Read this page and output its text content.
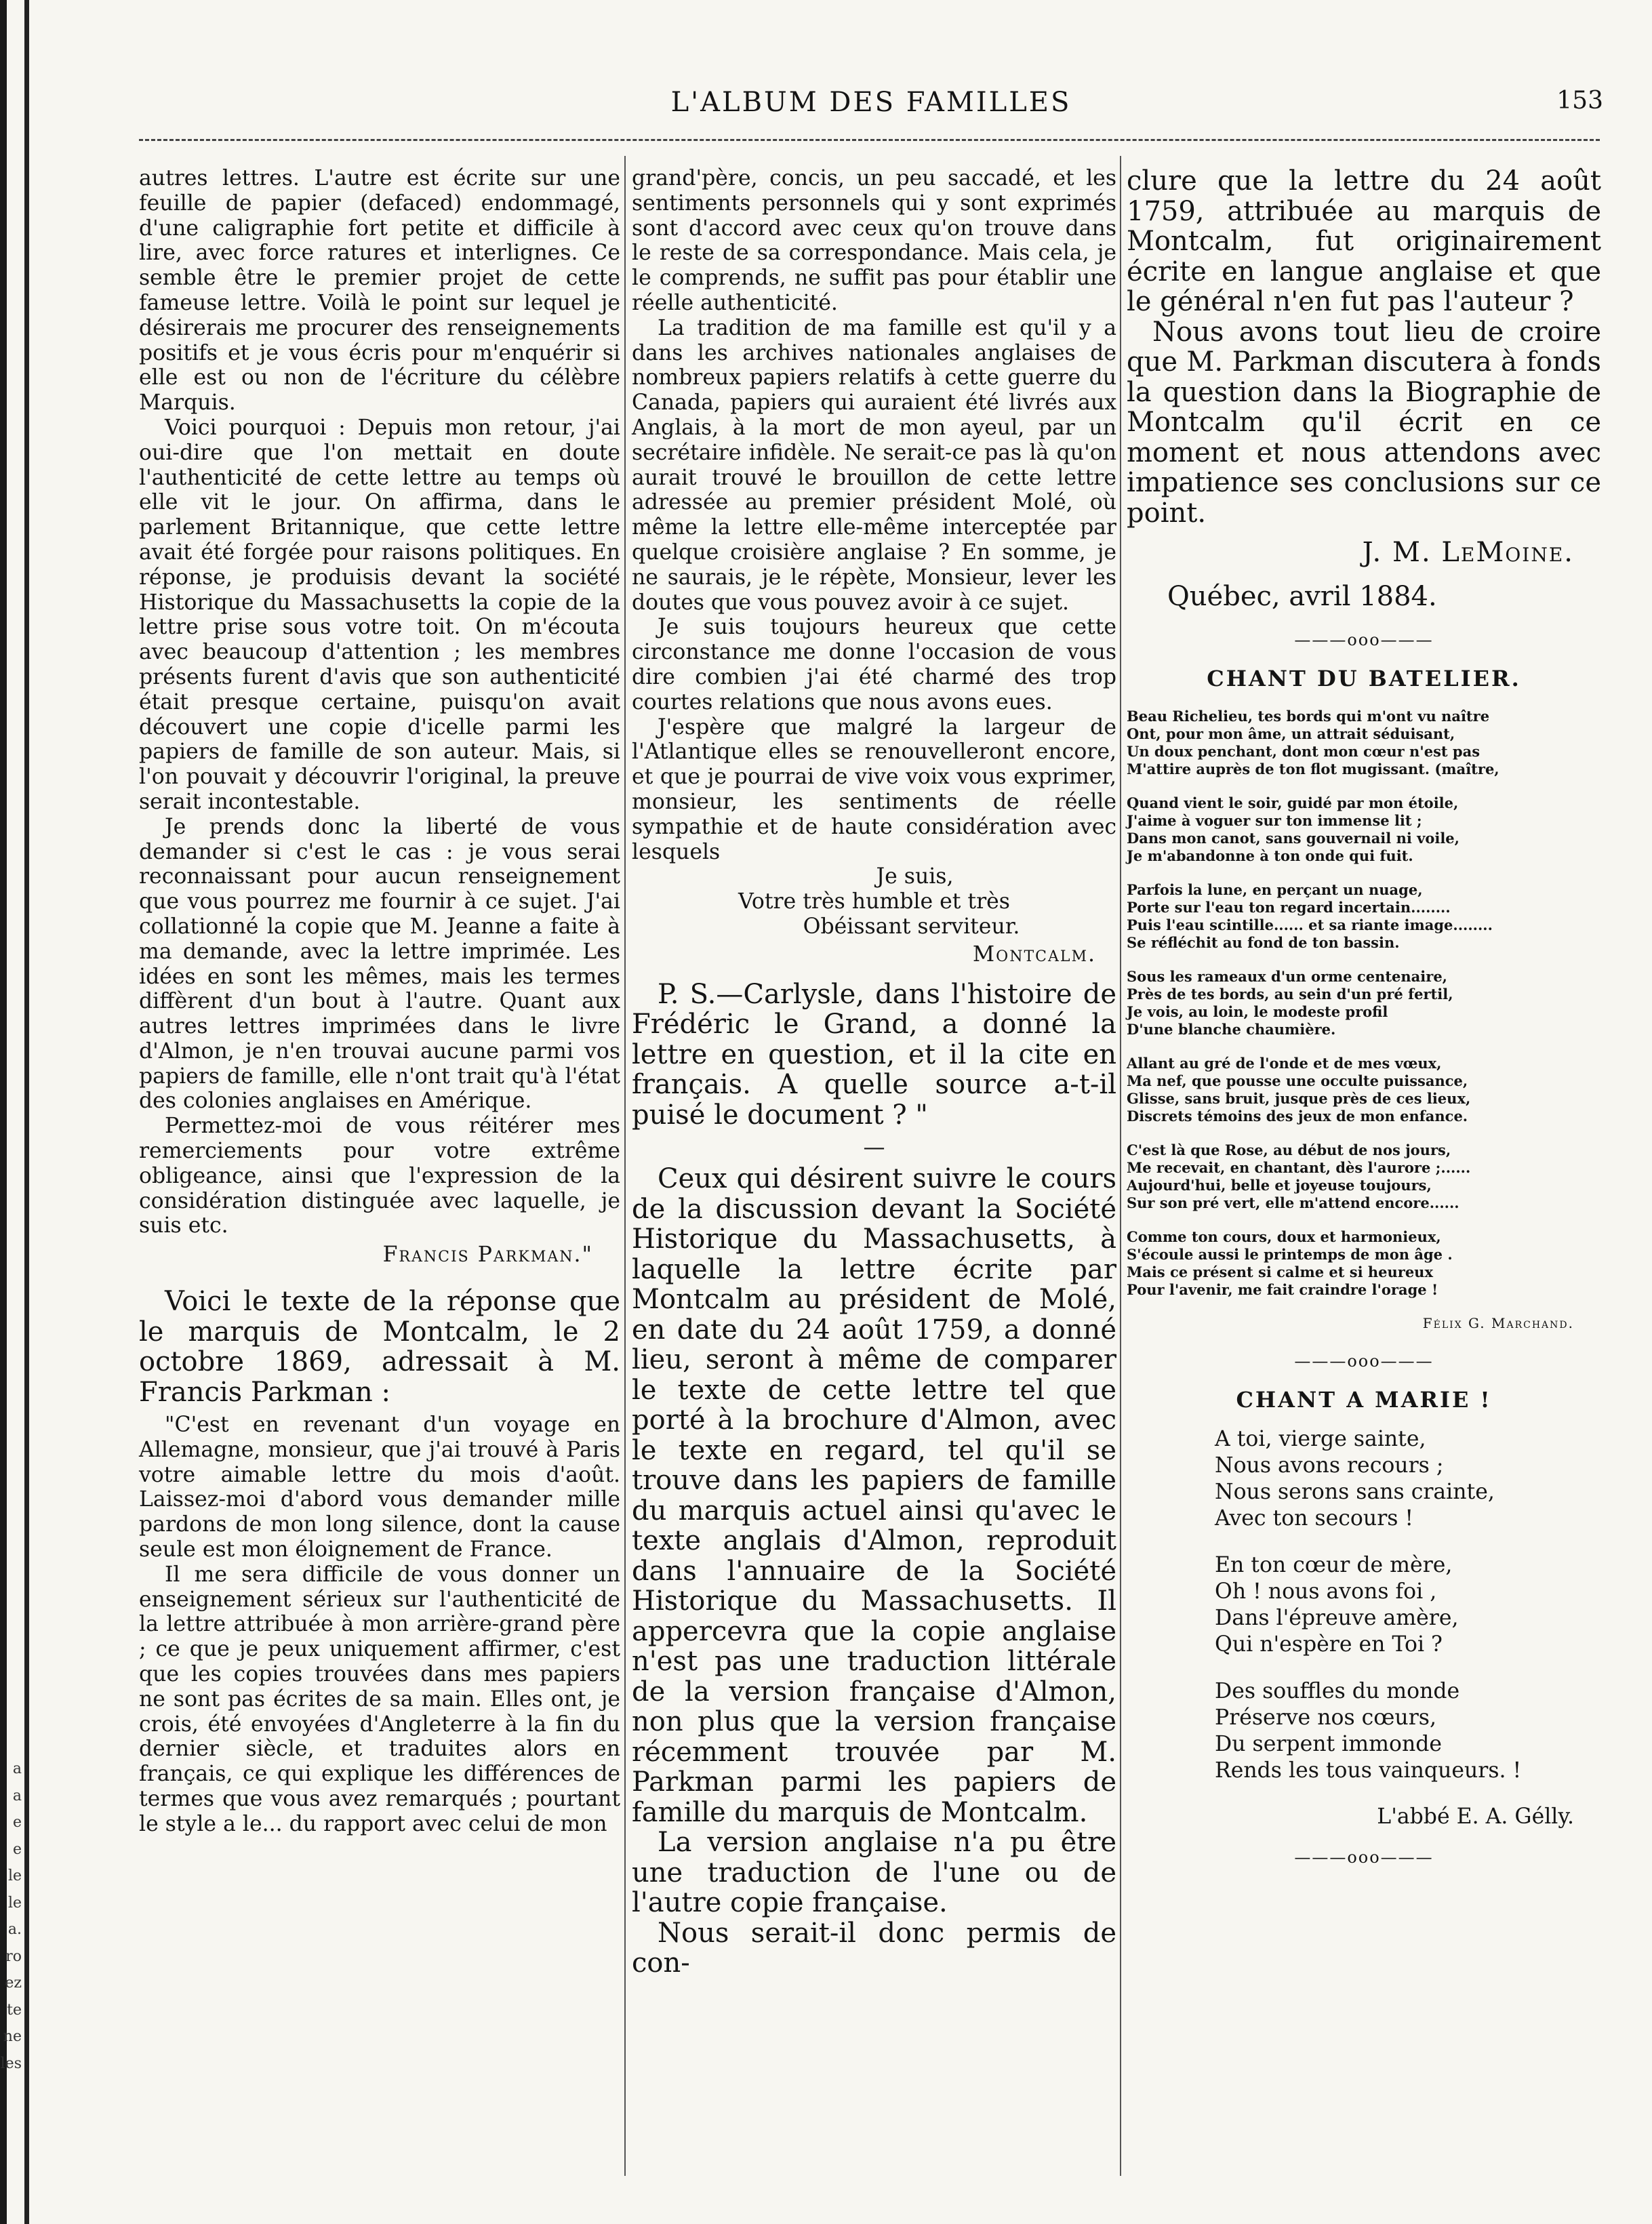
a
a
e
e
le
le
a.
ro
ez
te
ne
les
L'ALBUM DES FAMILLES	153

autres lettres. L'autre est écrite sur une feuille de papier (defaced) endommagé, d'une caligraphie fort petite et difficile à lire, avec force ratures et interlignes. Ce semble être le premier projet de cette fameuse lettre. Voilà le point sur lequel je désirerais me procurer des renseignements positifs et je vous écris pour m'enquérir si elle est ou non de l'écriture du célèbre Marquis.

Voici pourquoi : Depuis mon retour, j'ai oui-dire que l'on mettait en doute l'authenticité de cette lettre au temps où elle vit le jour. On affirma, dans le parlement Britannique, que cette lettre avait été forgée pour raisons politiques. En réponse, je produisis devant la société Historique du Massachusetts la copie de la lettre prise sous votre toit. On m'écouta avec beaucoup d'attention ; les membres présents furent d'avis que son authenticité était presque certaine, puisqu'on avait découvert une copie d'icelle parmi les papiers de famille de son auteur. Mais, si l'on pouvait y découvrir l'original, la preuve serait incontestable.

Je prends donc la liberté de vous demander si c'est le cas : je vous serai reconnaissant pour aucun renseignement que vous pourrez me fournir à ce sujet. J'ai collationné la copie que M. Jeanne a faite à ma demande, avec la lettre imprimée. Les idées en sont les mêmes, mais les termes diffèrent d'un bout à l'autre. Quant aux autres lettres imprimées dans le livre d'Almon, je n'en trouvai aucune parmi vos papiers de famille, elle n'ont trait qu'à l'état des colonies anglaises en Amérique.

Permettez-moi de vous réitérer mes remerciements pour votre extrême obligeance, ainsi que l'expression de la considération distinguée avec laquelle, je suis etc.

Francis Parkman."

Voici le texte de la réponse que le marquis de Montcalm, le 2 octobre 1869, adressait à M. Francis Parkman :

"C'est en revenant d'un voyage en Allemagne, monsieur, que j'ai trouvé à Paris votre aimable lettre du mois d'août. Laissez-moi d'abord vous demander mille pardons de mon long silence, dont la cause seule est mon éloignement de France.

Il me sera difficile de vous donner un enseignement sérieux sur l'authenticité de la lettre attribuée à mon arrière-grand père ; ce que je peux uniquement affirmer, c'est que les copies trouvées dans mes papiers ne sont pas écrites de sa main. Elles ont, je crois, été envoyées d'Angleterre à la fin du dernier siècle, et traduites alors en français, ce qui explique les différences de termes que vous avez remarqués ; pourtant le style a le... du rapport avec celui de mon

grand'père, concis, un peu saccadé, et les sentiments personnels qui y sont exprimés sont d'accord avec ceux qu'on trouve dans le reste de sa correspondance. Mais cela, je le comprends, ne suffit pas pour établir une réelle authenticité.

La tradition de ma famille est qu'il y a dans les archives nationales anglaises de nombreux papiers relatifs à cette guerre du Canada, papiers qui auraient été livrés aux Anglais, à la mort de mon ayeul, par un secrétaire infidèle. Ne serait-ce pas là qu'on aurait trouvé le brouillon de cette lettre adressée au premier président Molé, où même la lettre elle-même interceptée par quelque croisière anglaise ? En somme, je ne saurais, je le répète, Monsieur, lever les doutes que vous pouvez avoir à ce sujet.

Je suis toujours heureux que cette circonstance me donne l'occasion de vous dire combien j'ai été charmé des trop courtes relations que nous avons eues.

J'espère que malgré la largeur de l'Atlantique elles se renouvelleront encore, et que je pourrai de vive voix vous exprimer, monsieur, les sentiments de réelle sympathie et de haute considération avec lesquels

Je suis,

Votre très humble et très

Obéissant serviteur.

Montcalm.

P. S.—Carlysle, dans l'histoire de Frédéric le Grand, a donné la lettre en question, et il la cite en français. A quelle source a-t-il puisé le document ? "

—

Ceux qui désirent suivre le cours de la discussion devant la Société Historique du Massachusetts, à laquelle la lettre écrite par Montcalm au président de Molé, en date du 24 août 1759, a donné lieu, seront à même de comparer le texte de cette lettre tel que porté à la brochure d'Almon, avec le texte en regard, tel qu'il se trouve dans les papiers de famille du marquis actuel ainsi qu'avec le texte anglais d'Almon, reproduit dans l'annuaire de la Société Historique du Massachusetts. Il appercevra que la copie anglaise n'est pas une traduction littérale de la version française d'Almon, non plus que la version française récemment trouvée par M. Parkman parmi les papiers de famille du marquis de Montcalm.

La version anglaise n'a pu être une traduction de l'une ou de l'autre copie française.

Nous serait-il donc permis de con-

clure que la lettre du 24 août 1759, attribuée au marquis de Montcalm, fut originairement écrite en langue anglaise et que le général n'en fut pas l'auteur ?

Nous avons tout lieu de croire que M. Parkman discutera à fonds la question dans la Biographie de Montcalm qu'il écrit en ce moment et nous attendons avec impatience ses conclusions sur ce point.

J. M. LeMoine.

Québec, avril 1884.

———ooo———

CHANT DU BATELIER.

Beau Richelieu, tes bords qui m'ont vu naître
Ont, pour mon âme, un attrait séduisant,
Un doux penchant, dont mon cœur n'est pas
M'attire auprès de ton flot mugissant. (maître,
Quand vient le soir, guidé par mon étoile,
J'aime à voguer sur ton immense lit ;
Dans mon canot, sans gouvernail ni voile,
Je m'abandonne à ton onde qui fuit.
Parfois la lune, en perçant un nuage,
Porte sur l'eau ton regard incertain........
Puis l'eau scintille...... et sa riante image........
Se réfléchit au fond de ton bassin.
Sous les rameaux d'un orme centenaire,
Près de tes bords, au sein d'un pré fertil,
Je vois, au loin, le modeste profil
D'une blanche chaumière.
Allant au gré de l'onde et de mes vœux,
Ma nef, que pousse une occulte puissance,
Glisse, sans bruit, jusque près de ces lieux,
Discrets témoins des jeux de mon enfance.
C'est là que Rose, au début de nos jours,
Me recevait, en chantant, dès l'aurore ;......
Aujourd'hui, belle et joyeuse toujours,
Sur son pré vert, elle m'attend encore......
Comme ton cours, doux et harmonieux,
S'écoule aussi le printemps de mon âge .
Mais ce présent si calme et si heureux
Pour l'avenir, me fait craindre l'orage !

Félix G. Marchand.

———ooo———

CHANT A MARIE !

A toi, vierge sainte,
Nous avons recours ;
Nous serons sans crainte,
Avec ton secours !
En ton cœur de mère,
Oh ! nous avons foi ,
Dans l'épreuve amère,
Qui n'espère en Toi ?
Des souffles du monde
Préserve nos cœurs,
Du serpent immonde
Rends les tous vainqueurs. !

L'abbé E. A. Gélly.

———ooo———
